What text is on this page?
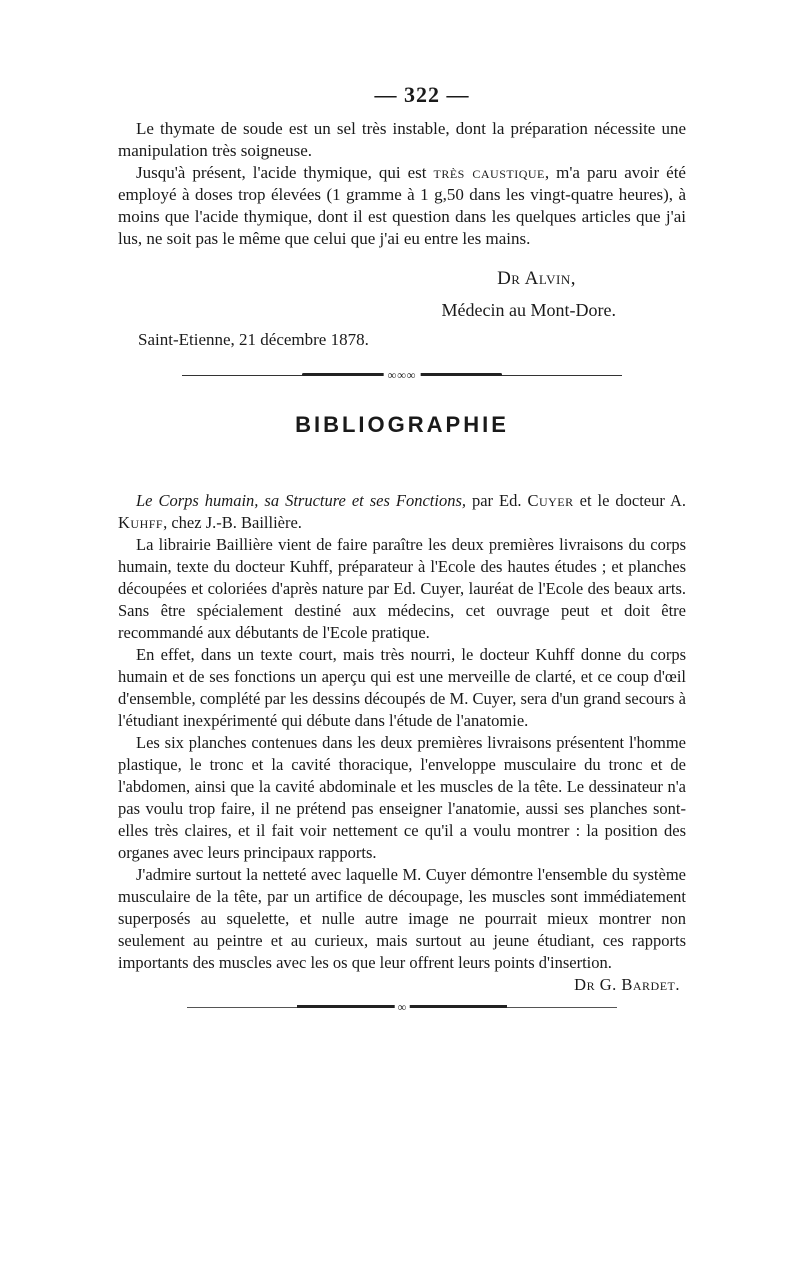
— 322 —

Le thymate de soude est un sel très instable, dont la préparation nécessite une manipulation très soigneuse.

Jusqu'à présent, l'acide thymique, qui est très caustique, m'a paru avoir été employé à doses trop élevées (1 gramme à 1 g,50 dans les vingt-quatre heures), à moins que l'acide thymique, dont il est question dans les quelques articles que j'ai lus, ne soit pas le même que celui que j'ai eu entre les mains.

Dr Alvin,
Médecin au Mont-Dore.
Saint-Etienne, 21 décembre 1878.
∞∞∞
BIBLIOGRAPHIE

Le Corps humain, sa Structure et ses Fonctions, par Ed. Cuyer et le docteur A. Kuhff, chez J.-B. Baillière.

La librairie Baillière vient de faire paraître les deux premières livraisons du corps humain, texte du docteur Kuhff, préparateur à l'Ecole des hautes études ; et planches découpées et coloriées d'après nature par Ed. Cuyer, lauréat de l'Ecole des beaux arts. Sans être spécialement destiné aux médecins, cet ouvrage peut et doit être recommandé aux débutants de l'Ecole pratique.

En effet, dans un texte court, mais très nourri, le docteur Kuhff donne du corps humain et de ses fonctions un aperçu qui est une merveille de clarté, et ce coup d'œil d'ensemble, complété par les dessins découpés de M. Cuyer, sera d'un grand secours à l'étudiant inexpérimenté qui débute dans l'étude de l'anatomie.

Les six planches contenues dans les deux premières livraisons présentent l'homme plastique, le tronc et la cavité thoracique, l'enveloppe musculaire du tronc et de l'abdomen, ainsi que la cavité abdominale et les muscles de la tête. Le dessinateur n'a pas voulu trop faire, il ne prétend pas enseigner l'anatomie, aussi ses planches sont-elles très claires, et il fait voir nettement ce qu'il a voulu montrer : la position des organes avec leurs principaux rapports.

J'admire surtout la netteté avec laquelle M. Cuyer démontre l'ensemble du système musculaire de la tête, par un artifice de découpage, les muscles sont immédiatement superposés au squelette, et nulle autre image ne pourrait mieux montrer non seulement au peintre et au curieux, mais surtout au jeune étudiant, ces rapports importants des muscles avec les os que leur offrent leurs points d'insertion.
Dr G. Bardet.

∞
